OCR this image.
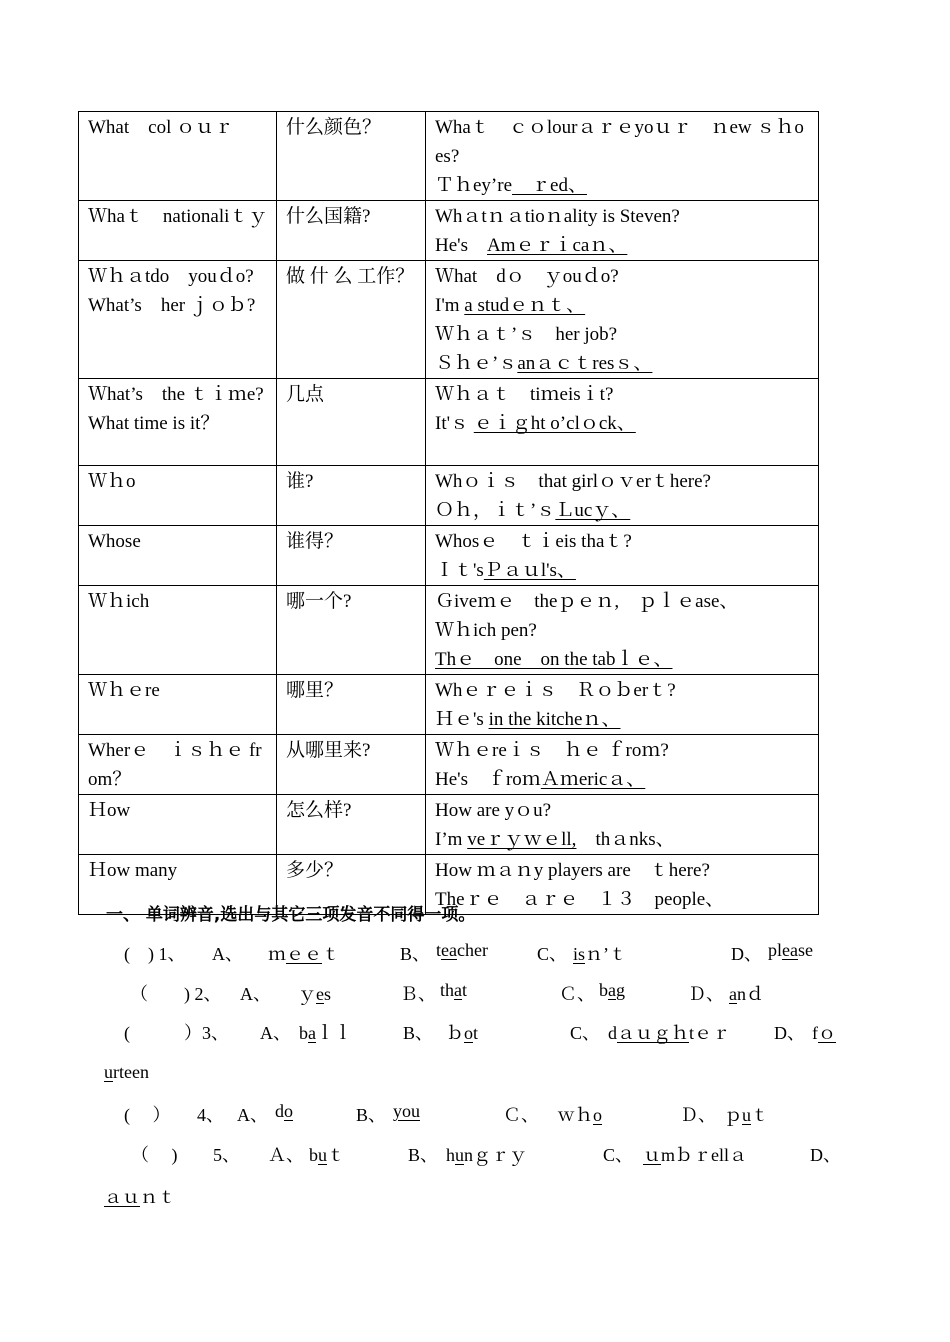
What　col ｏｕｒ	什么颜色？	Whaｔ　ｃｏlourａｒｅyoｕｒ　ｎew ｓｈoes?
Ｔｈey’re　ｒed、

Ｗhaｔ　nationaliｔｙ	什么国籍?	Whａtｎａtioｎality is Steven?
He's　Amｅｒｉcaｎ、

Ｗｈａtdo　youｄo?
What’s　her ｊｏｂ?	做 什 么 工作？	Ｗhat　dｏ　ｙouｄo?
I'm a studｅｎｔ、
Ｗｈａｔ’ｓ　her job?
Ｓｈｅ’ｓanａｃｔresｓ、

Ｗhat’s　the ｔｉｍe?
What time is it？	几点	Ｗｈａｔ　tiｍeisｉt?
It'ｓ ｅｉｇht o’clｏck、

Ｗｈo	谁?	Whｏｉｓ　that girlｏｖerｔhere?
Ｏｈ，ｉｔ’ｓＬucｙ、

Whose	谁得？	Whosｅ　ｔｉeis thaｔ?
Ｉｔ'sＰａｕl's、

Ｗｈich	哪一个?	Ｇiveｍｅ　theｐｅｎ,　ｐｌｅase、
Ｗｈich pen?
Thｅ　one　on the tabｌｅ、

Ｗｈｅre	哪里？	Whｅｒｅｉｓ　Ｒｏｂerｔ?
Ｈｅ's in the kitcheｎ、

Wherｅ　ｉｓｈｅ from？	从哪里来?	Ｗｈｅreｉｓ　ｈｅ ｆroｍ?
He's　ｆroｍＡｍericａ、

Ｈow	怎么样?	How are yｏu?
I’m veｒｙｗｅll,　thａnks、

Ｈow many	多少？	How ｍａｎy players are　ｔhere?
Theｒｅ　ａｒｅ　１３　people、
一、 单词辨音,选出与其它三项发音不同得一项。
(　) 1、 A、 ｍｅｅｔ	B、 teacher	C、 isｎ’ｔ	D、 please
（　　) 2、 A、 ｙes	Ｂ、 that	Ｃ、 bag	Ｄ、 anｄ
(　　　）3、 A、 baｌｌ	B、 ｂot	C、 dａｕｇｈtｅｒ D、 fｏ
urteen
(　 ） 4、 A、 do	B、 you	Ｃ、 ｗｈo	Ｄ、 ｐuｔ
（　 ) 5、 Ａ、 buｔ	B、 hunｇｒｙ	C、 ｕmｂｒellａ	D、
ａｕｎｔ
